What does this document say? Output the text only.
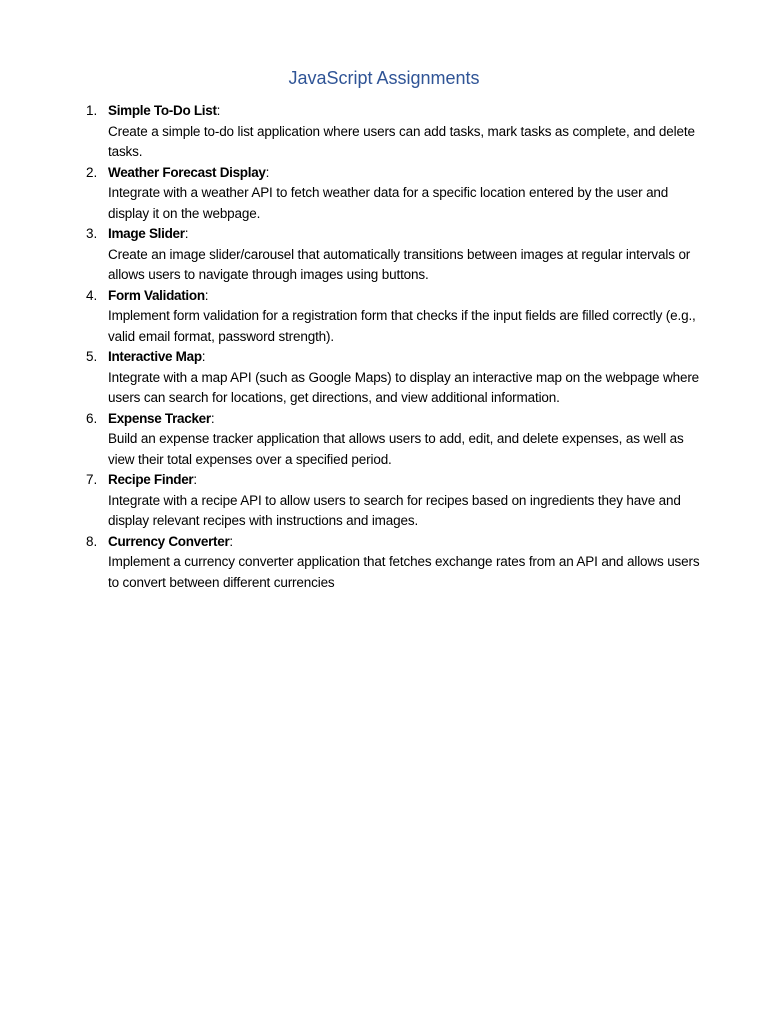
JavaScript Assignments
1. Simple To-Do List:
Create a simple to-do list application where users can add tasks, mark tasks as complete, and delete tasks.
2. Weather Forecast Display:
Integrate with a weather API to fetch weather data for a specific location entered by the user and display it on the webpage.
3. Image Slider:
Create an image slider/carousel that automatically transitions between images at regular intervals or allows users to navigate through images using buttons.
4. Form Validation:
Implement form validation for a registration form that checks if the input fields are filled correctly (e.g., valid email format, password strength).
5. Interactive Map:
Integrate with a map API (such as Google Maps) to display an interactive map on the webpage where users can search for locations, get directions, and view additional information.
6. Expense Tracker:
Build an expense tracker application that allows users to add, edit, and delete expenses, as well as view their total expenses over a specified period.
7. Recipe Finder:
Integrate with a recipe API to allow users to search for recipes based on ingredients they have and display relevant recipes with instructions and images.
8. Currency Converter:
Implement a currency converter application that fetches exchange rates from an API and allows users to convert between different currencies
